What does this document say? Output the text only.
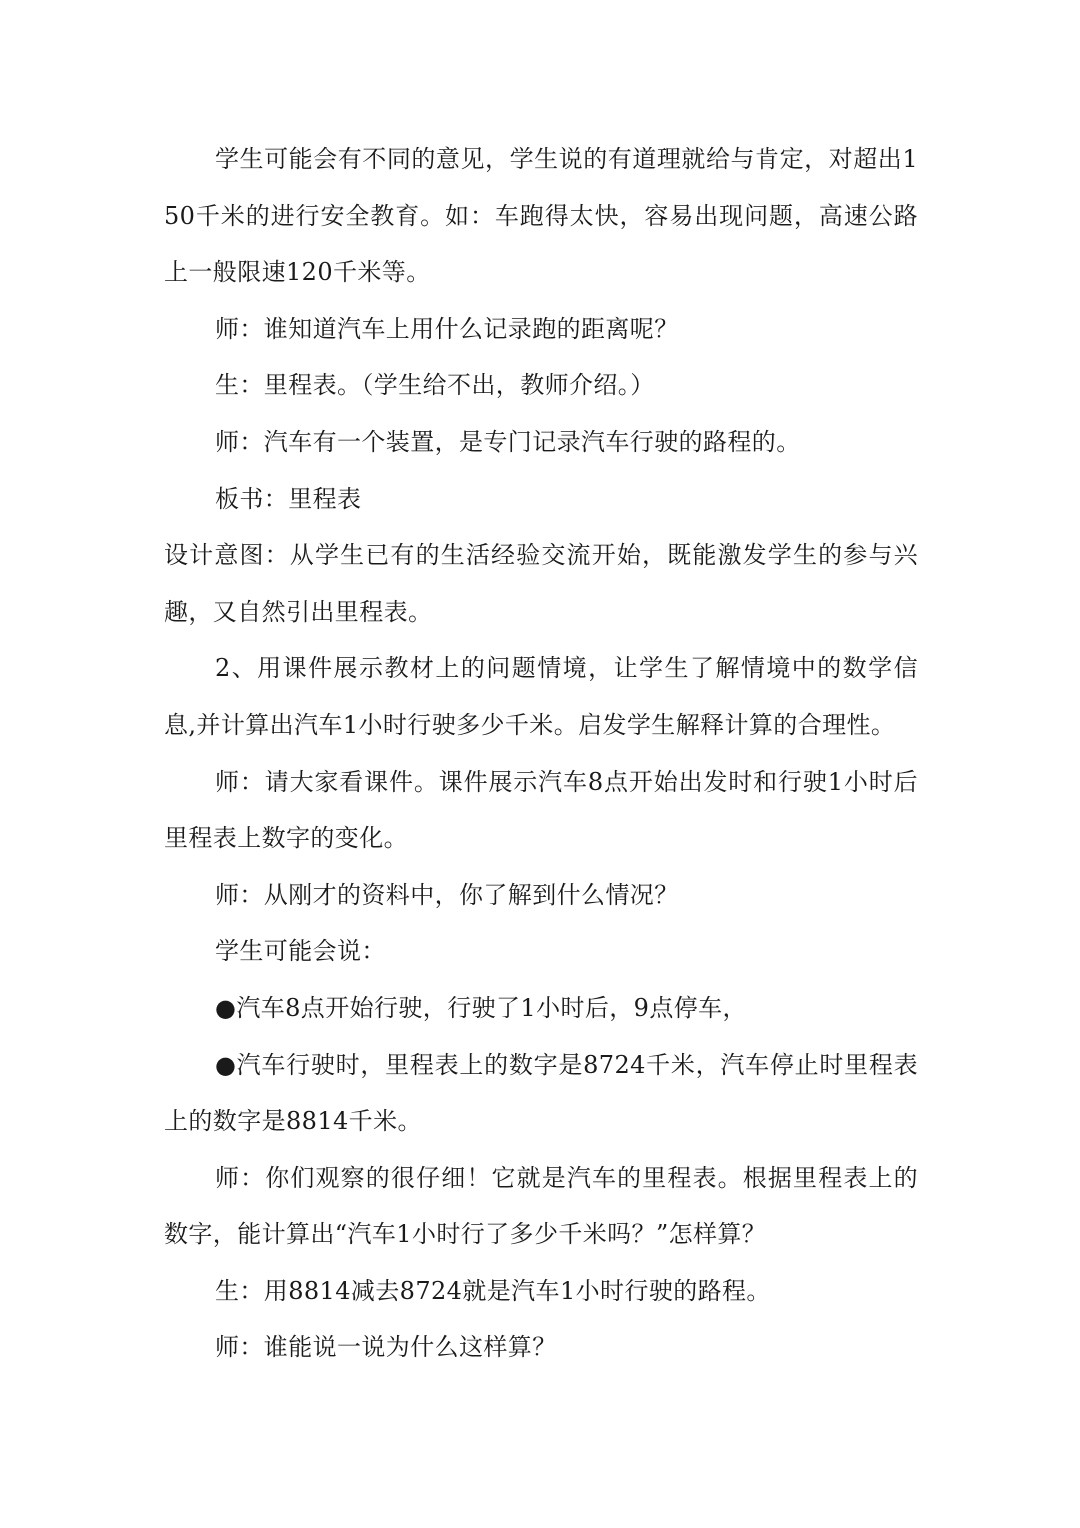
学生可能会有不同的意见，学生说的有道理就给与肯定，对超出150千米的进行安全教育。如：车跑得太快，容易出现问题，高速公路上一般限速120千米等。

师：谁知道汽车上用什么记录跑的距离呢？

生：里程表。（学生给不出，教师介绍。）

师：汽车有一个装置，是专门记录汽车行驶的路程的。

板书：里程表

设计意图：从学生已有的生活经验交流开始，既能激发学生的参与兴趣，又自然引出里程表。

2、用课件展示教材上的问题情境，让学生了解情境中的数学信息,并计算出汽车1小时行驶多少千米。启发学生解释计算的合理性。

师：请大家看课件。课件展示汽车8点开始出发时和行驶1小时后里程表上数字的变化。

师：从刚才的资料中，你了解到什么情况？

学生可能会说：

●汽车8点开始行驶，行驶了1小时后，9点停车，

●汽车行驶时，里程表上的数字是8724千米，汽车停止时里程表上的数字是8814千米。

师：你们观察的很仔细！它就是汽车的里程表。根据里程表上的数字，能计算出“汽车1小时行了多少千米吗？”怎样算？

生：用8814减去8724就是汽车1小时行驶的路程。

师：谁能说一说为什么这样算？
